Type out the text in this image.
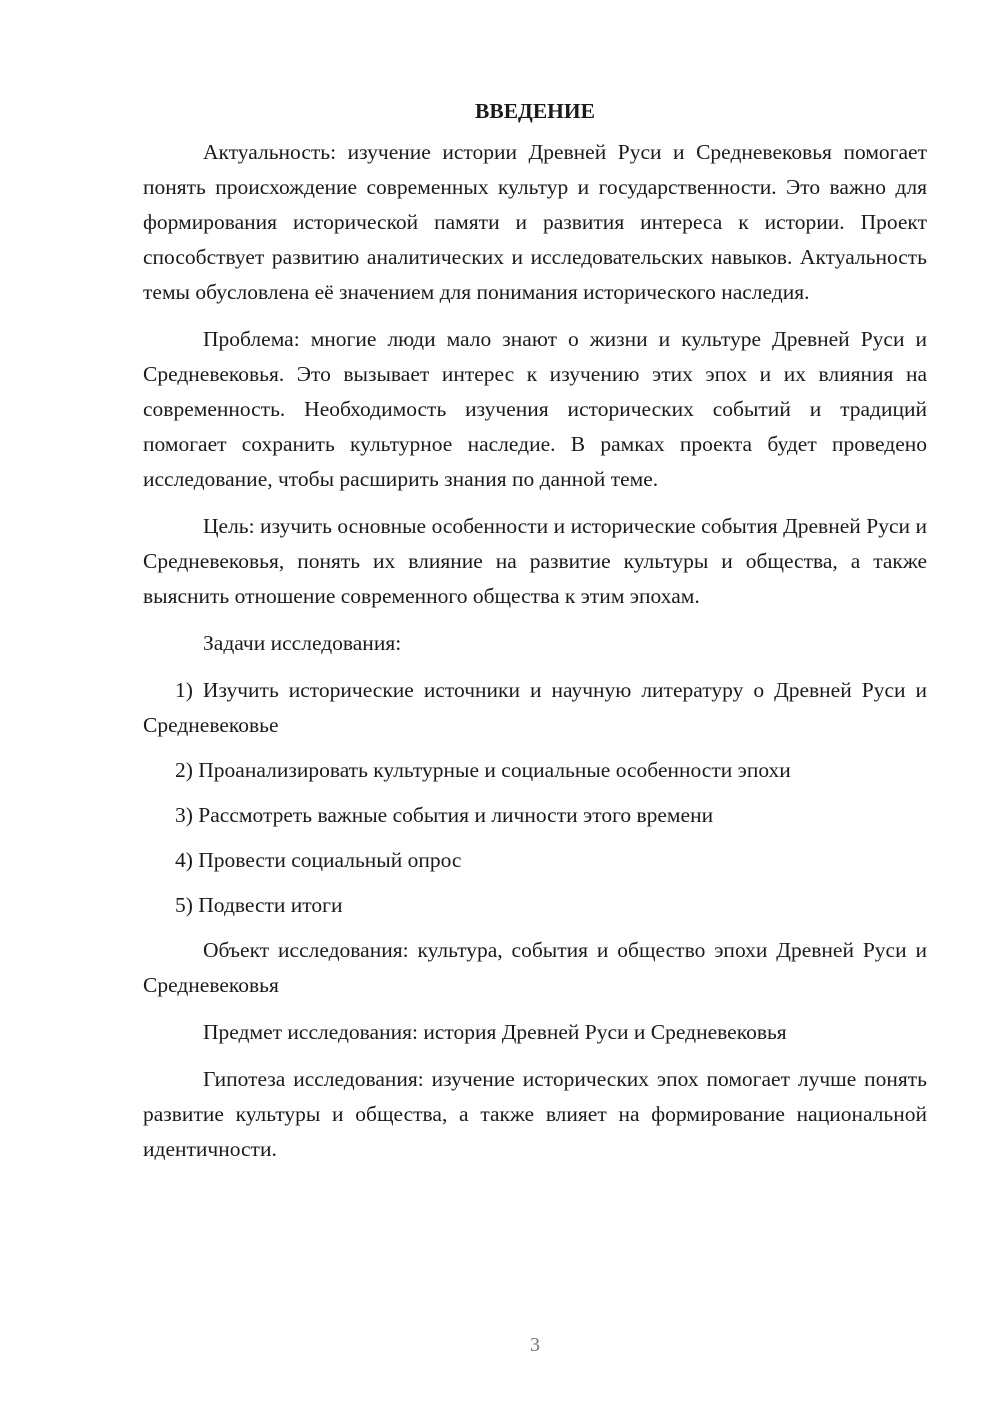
ВВЕДЕНИЕ

Актуальность: изучение истории Древней Руси и Средневековья помогает понять происхождение современных культур и государственности. Это важно для формирования исторической памяти и развития интереса к истории. Проект способствует развитию аналитических и исследовательских навыков. Актуальность темы обусловлена её значением для понимания исторического наследия.

Проблема: многие люди мало знают о жизни и культуре Древней Руси и Средневековья. Это вызывает интерес к изучению этих эпох и их влияния на современность. Необходимость изучения исторических событий и традиций помогает сохранить культурное наследие. В рамках проекта будет проведено исследование, чтобы расширить знания по данной теме.

Цель: изучить основные особенности и исторические события Древней Руси и Средневековья, понять их влияние на развитие культуры и общества, а также выяснить отношение современного общества к этим эпохам.

Задачи исследования:

1) Изучить исторические источники и научную литературу о Древней Руси и Средневековье

2) Проанализировать культурные и социальные особенности эпохи

3) Рассмотреть важные события и личности этого времени

4) Провести социальный опрос

5) Подвести итоги

Объект исследования: культура, события и общество эпохи Древней Руси и Средневековья

Предмет исследования: история Древней Руси и Средневековья

Гипотеза исследования: изучение исторических эпох помогает лучше понять развитие культуры и общества, а также влияет на формирование национальной идентичности.

3
